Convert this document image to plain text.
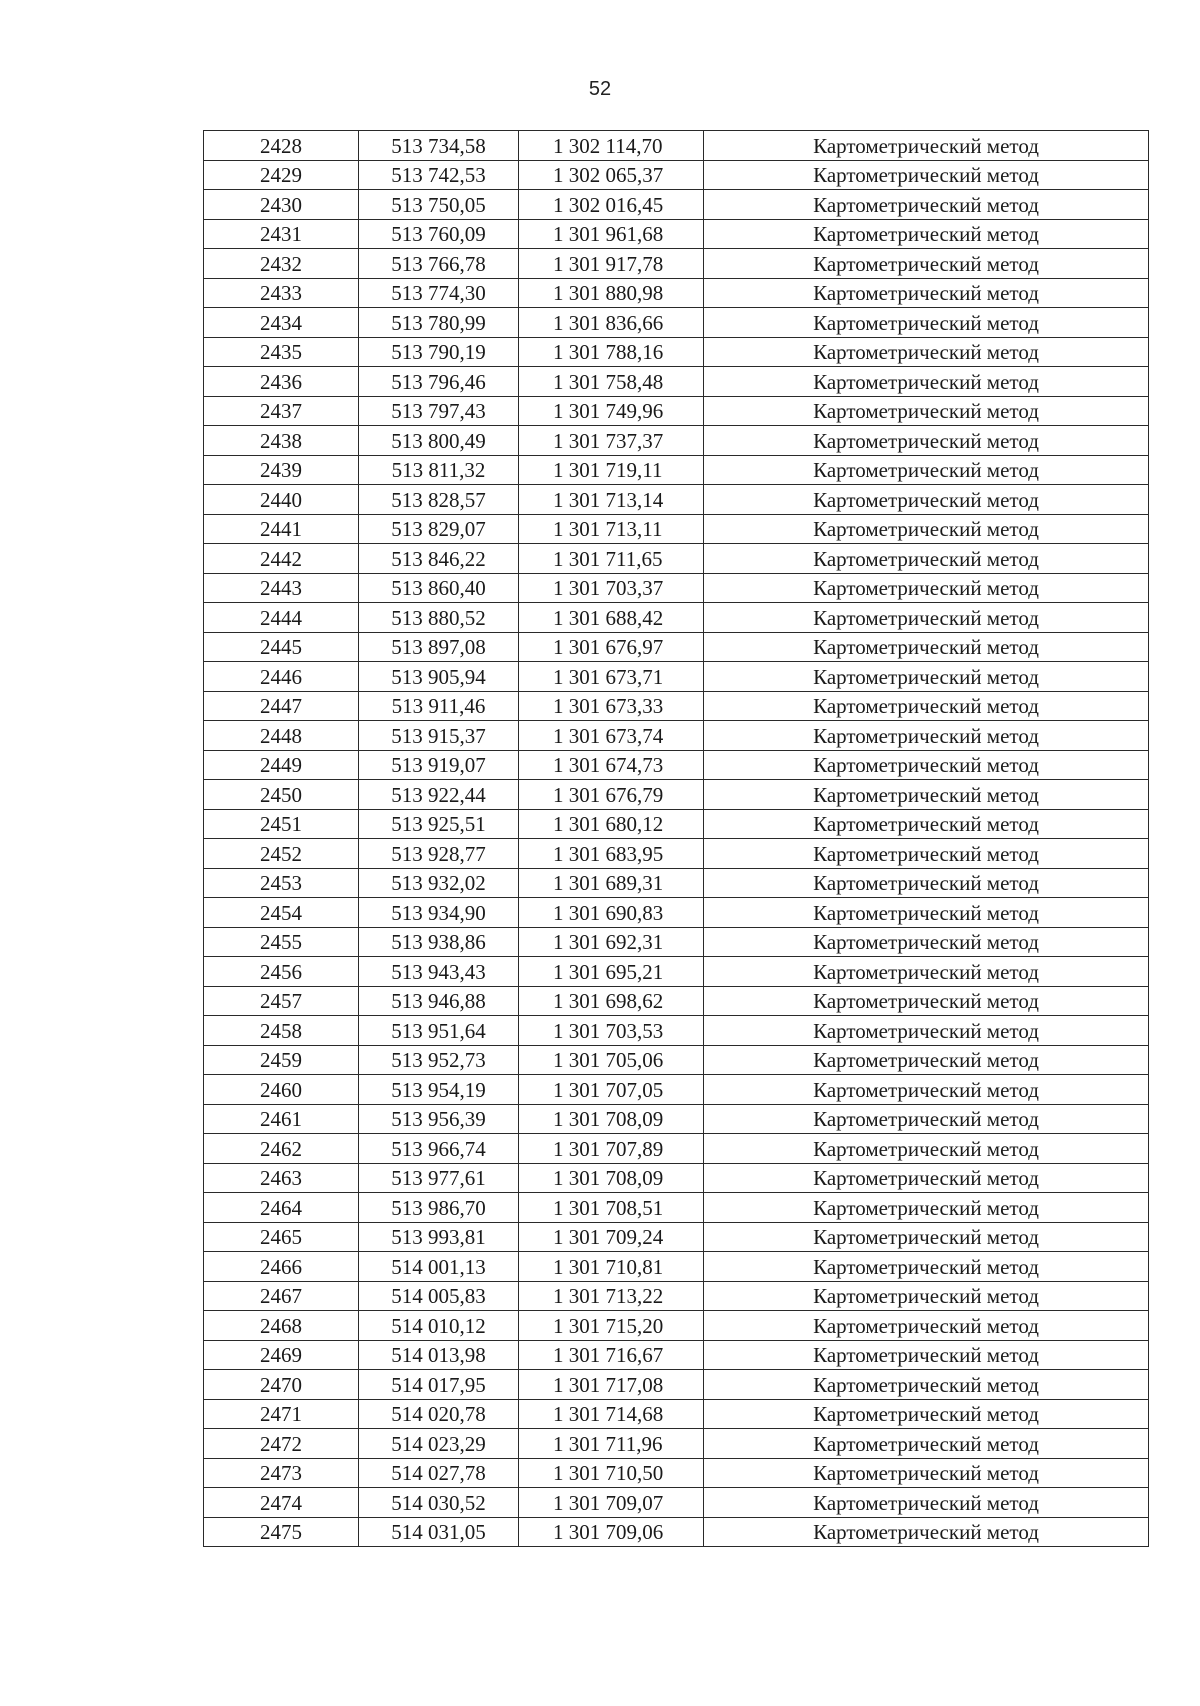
52
2428	513 734,58	1 302 114,70	Картометрический метод
2429	513 742,53	1 302 065,37	Картометрический метод
2430	513 750,05	1 302 016,45	Картометрический метод
2431	513 760,09	1 301 961,68	Картометрический метод
2432	513 766,78	1 301 917,78	Картометрический метод
2433	513 774,30	1 301 880,98	Картометрический метод
2434	513 780,99	1 301 836,66	Картометрический метод
2435	513 790,19	1 301 788,16	Картометрический метод
2436	513 796,46	1 301 758,48	Картометрический метод
2437	513 797,43	1 301 749,96	Картометрический метод
2438	513 800,49	1 301 737,37	Картометрический метод
2439	513 811,32	1 301 719,11	Картометрический метод
2440	513 828,57	1 301 713,14	Картометрический метод
2441	513 829,07	1 301 713,11	Картометрический метод
2442	513 846,22	1 301 711,65	Картометрический метод
2443	513 860,40	1 301 703,37	Картометрический метод
2444	513 880,52	1 301 688,42	Картометрический метод
2445	513 897,08	1 301 676,97	Картометрический метод
2446	513 905,94	1 301 673,71	Картометрический метод
2447	513 911,46	1 301 673,33	Картометрический метод
2448	513 915,37	1 301 673,74	Картометрический метод
2449	513 919,07	1 301 674,73	Картометрический метод
2450	513 922,44	1 301 676,79	Картометрический метод
2451	513 925,51	1 301 680,12	Картометрический метод
2452	513 928,77	1 301 683,95	Картометрический метод
2453	513 932,02	1 301 689,31	Картометрический метод
2454	513 934,90	1 301 690,83	Картометрический метод
2455	513 938,86	1 301 692,31	Картометрический метод
2456	513 943,43	1 301 695,21	Картометрический метод
2457	513 946,88	1 301 698,62	Картометрический метод
2458	513 951,64	1 301 703,53	Картометрический метод
2459	513 952,73	1 301 705,06	Картометрический метод
2460	513 954,19	1 301 707,05	Картометрический метод
2461	513 956,39	1 301 708,09	Картометрический метод
2462	513 966,74	1 301 707,89	Картометрический метод
2463	513 977,61	1 301 708,09	Картометрический метод
2464	513 986,70	1 301 708,51	Картометрический метод
2465	513 993,81	1 301 709,24	Картометрический метод
2466	514 001,13	1 301 710,81	Картометрический метод
2467	514 005,83	1 301 713,22	Картометрический метод
2468	514 010,12	1 301 715,20	Картометрический метод
2469	514 013,98	1 301 716,67	Картометрический метод
2470	514 017,95	1 301 717,08	Картометрический метод
2471	514 020,78	1 301 714,68	Картометрический метод
2472	514 023,29	1 301 711,96	Картометрический метод
2473	514 027,78	1 301 710,50	Картометрический метод
2474	514 030,52	1 301 709,07	Картометрический метод
2475	514 031,05	1 301 709,06	Картометрический метод
